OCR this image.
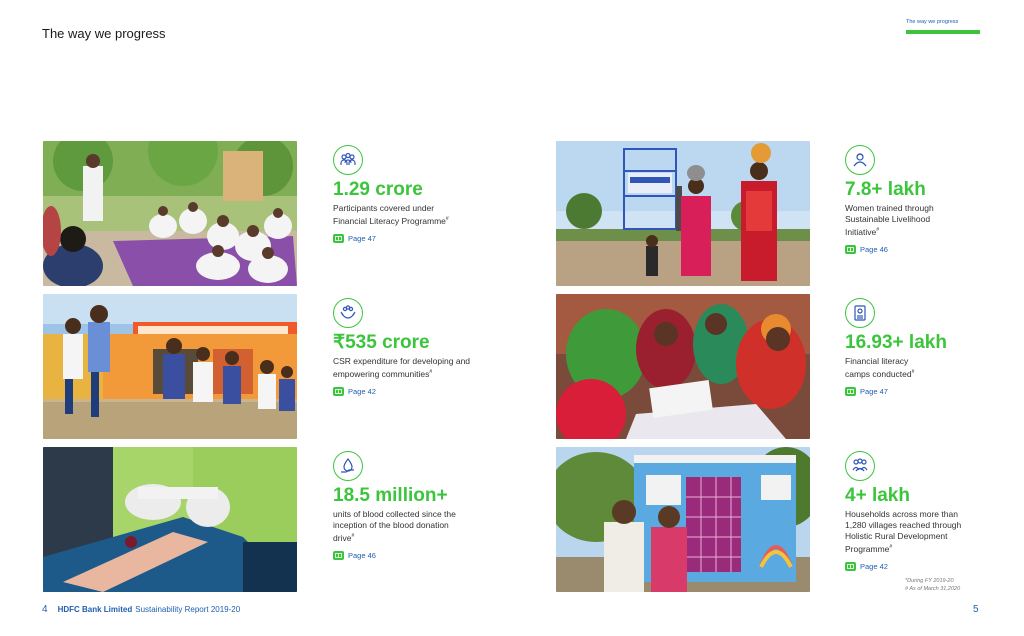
The way we progress
The way we progress
1.29 crore
Participants covered under Financial Literacy Programme#
Page 47
₹535 crore
CSR expenditure for developing and empowering communities#
Page 42
18.5 million+
units of blood collected since the inception of the blood donation drive#
Page 46
7.8+ lakh
Women trained through Sustainable Livelihood Initiative#
Page 46
16.93+ lakh
Financial literacy camps conducted#
Page 47
4+ lakh
Households across more than 1,280 villages reached through Holistic Rural Development Programme#
Page 42
*During FY 2019-20
# As of March 31,2020
4 HDFC Bank Limited Sustainability Report 2019-20	5
